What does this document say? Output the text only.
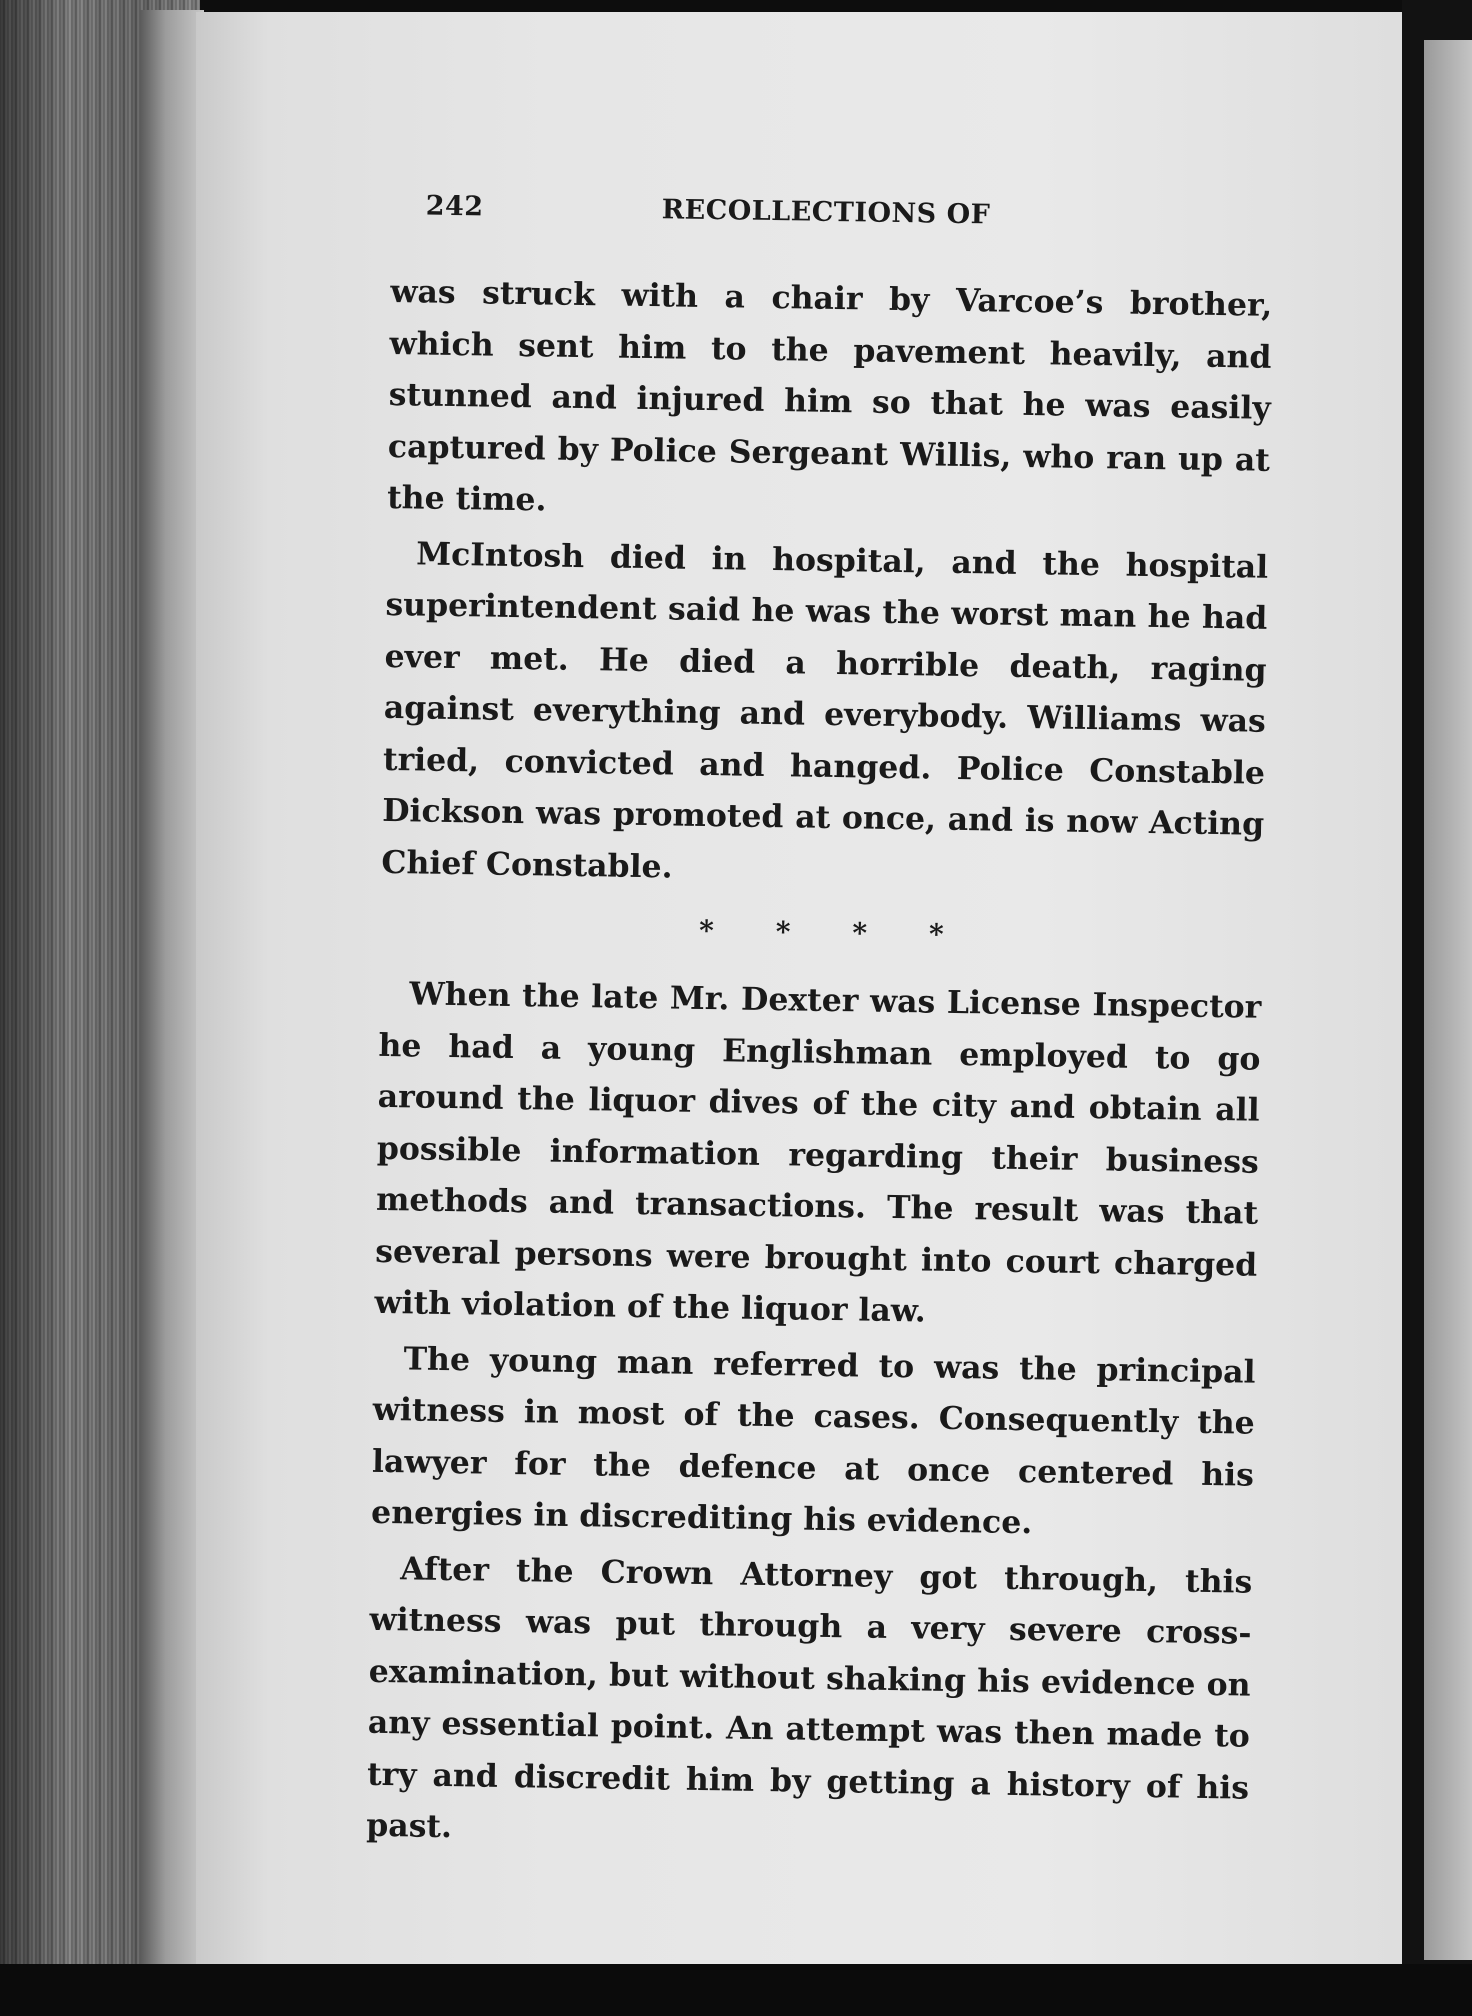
242	RECOLLECTIONS OF

was struck with a chair by Varcoe’s brother, which sent him to the pavement heavily, and stunned and injured him so that he was easily captured by Police Sergeant Willis, who ran up at the time.

McIntosh died in hospital, and the hospital superintendent said he was the worst man he had ever met. He died a horrible death, raging against everything and everybody. Williams was tried, convicted and hanged. Police Constable Dickson was promoted at once, and is now Acting Chief Constable.

* * * *

When the late Mr. Dexter was License Inspector he had a young Englishman employed to go around the liquor dives of the city and obtain all possible information regarding their business methods and transactions. The result was that several persons were brought into court charged with violation of the liquor law.

The young man referred to was the principal witness in most of the cases. Consequently the lawyer for the defence at once centered his energies in discrediting his evidence.

After the Crown Attorney got through, this witness was put through a very severe cross-examination, but without shaking his evidence on any essential point. An attempt was then made to try and discredit him by getting a history of his past.
